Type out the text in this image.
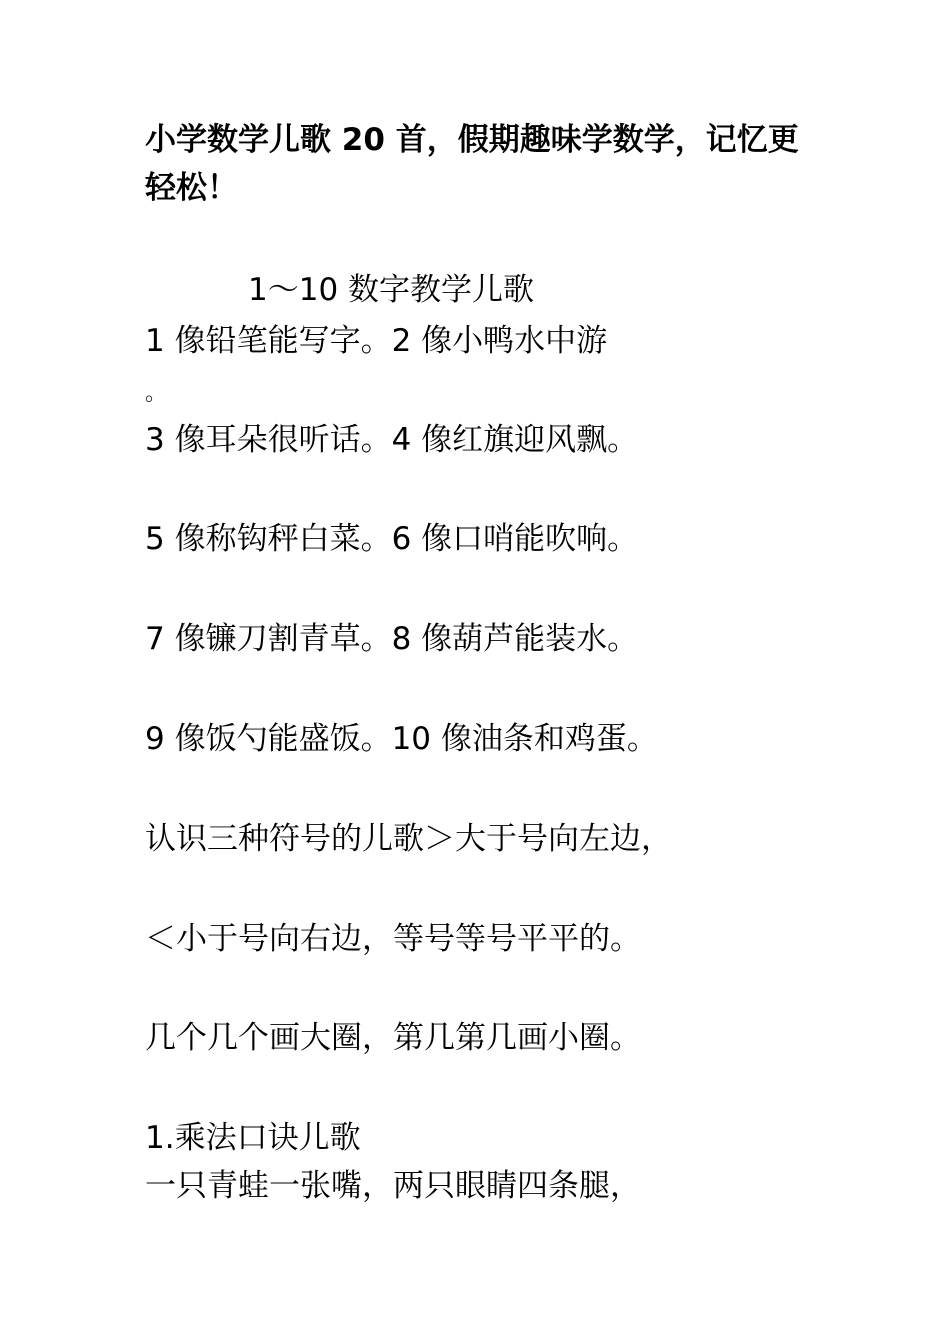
小学数学儿歌 20 首，假期趣味学数学，记忆更轻松！

1～10 数字教学儿歌

1 像铅笔能写字。2 像小鸭水中游

。

3 像耳朵很听话。4 像红旗迎风飘。

5 像称钩秤白菜。6 像口哨能吹响。

7 像镰刀割青草。8 像葫芦能装水。

9 像饭勺能盛饭。10 像油条和鸡蛋。

认识三种符号的儿歌＞大于号向左边，

＜小于号向右边，等号等号平平的。

几个几个画大圈，第几第几画小圈。

1.乘法口诀儿歌

一只青蛙一张嘴，两只眼睛四条腿，
